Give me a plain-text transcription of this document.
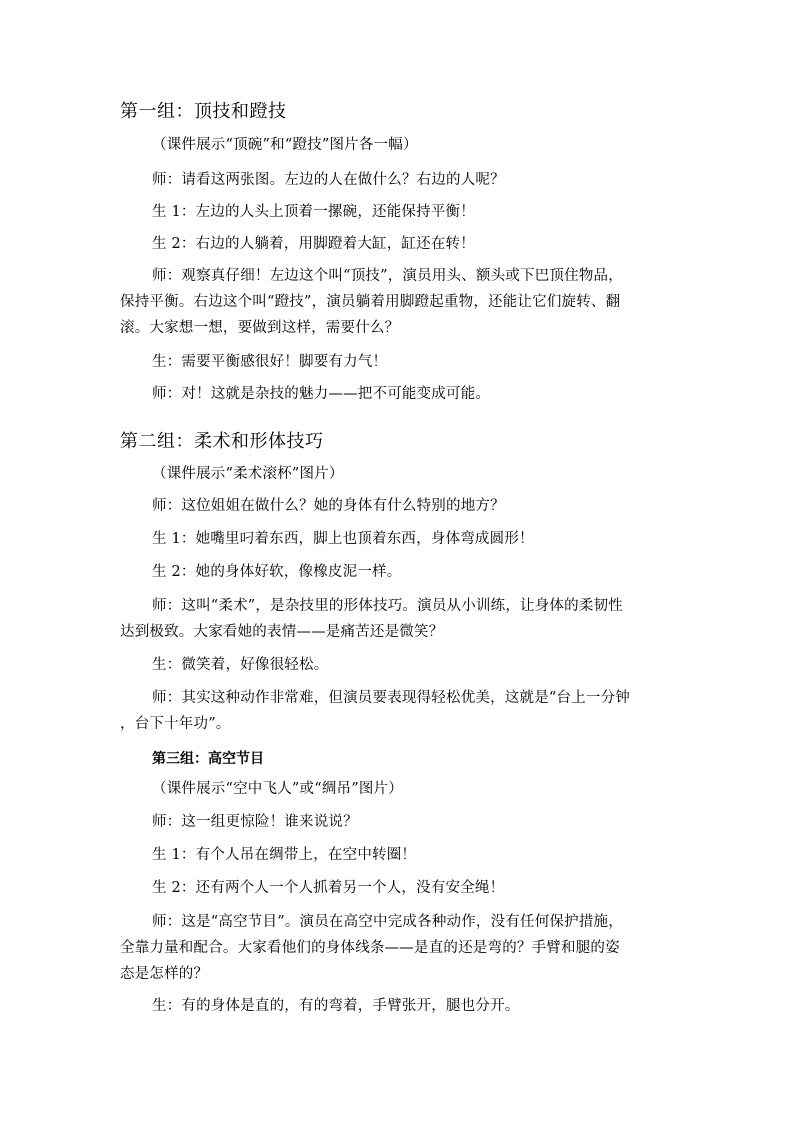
第一组：顶技和蹬技
（课件展示“顶碗”和“蹬技”图片各一幅）
师：请看这两张图。左边的人在做什么？右边的人呢？
生 1：左边的人头上顶着一摞碗，还能保持平衡！
生 2：右边的人躺着，用脚蹬着大缸，缸还在转！
师：观察真仔细！左边这个叫“顶技”，演员用头、额头或下巴顶住物品，
保持平衡。右边这个叫“蹬技”，演员躺着用脚蹬起重物，还能让它们旋转、翻
滚。大家想一想，要做到这样，需要什么？
生：需要平衡感很好！脚要有力气！
师：对！这就是杂技的魅力——把不可能变成可能。
第二组：柔术和形体技巧
（课件展示“柔术滚杯”图片）
师：这位姐姐在做什么？她的身体有什么特别的地方？
生 1：她嘴里叼着东西，脚上也顶着东西，身体弯成圆形！
生 2：她的身体好软，像橡皮泥一样。
师：这叫“柔术”，是杂技里的形体技巧。演员从小训练，让身体的柔韧性
达到极致。大家看她的表情——是痛苦还是微笑？
生：微笑着，好像很轻松。
师：其实这种动作非常难，但演员要表现得轻松优美，这就是“台上一分钟
，台下十年功”。
第三组：高空节目
（课件展示“空中飞人”或“绸吊”图片）
师：这一组更惊险！谁来说说？
生 1：有个人吊在绸带上，在空中转圈！
生 2：还有两个人一个人抓着另一个人，没有安全绳！
师：这是“高空节目”。演员在高空中完成各种动作，没有任何保护措施，
全靠力量和配合。大家看他们的身体线条——是直的还是弯的？手臂和腿的姿
态是怎样的？
生：有的身体是直的，有的弯着，手臂张开，腿也分开。
